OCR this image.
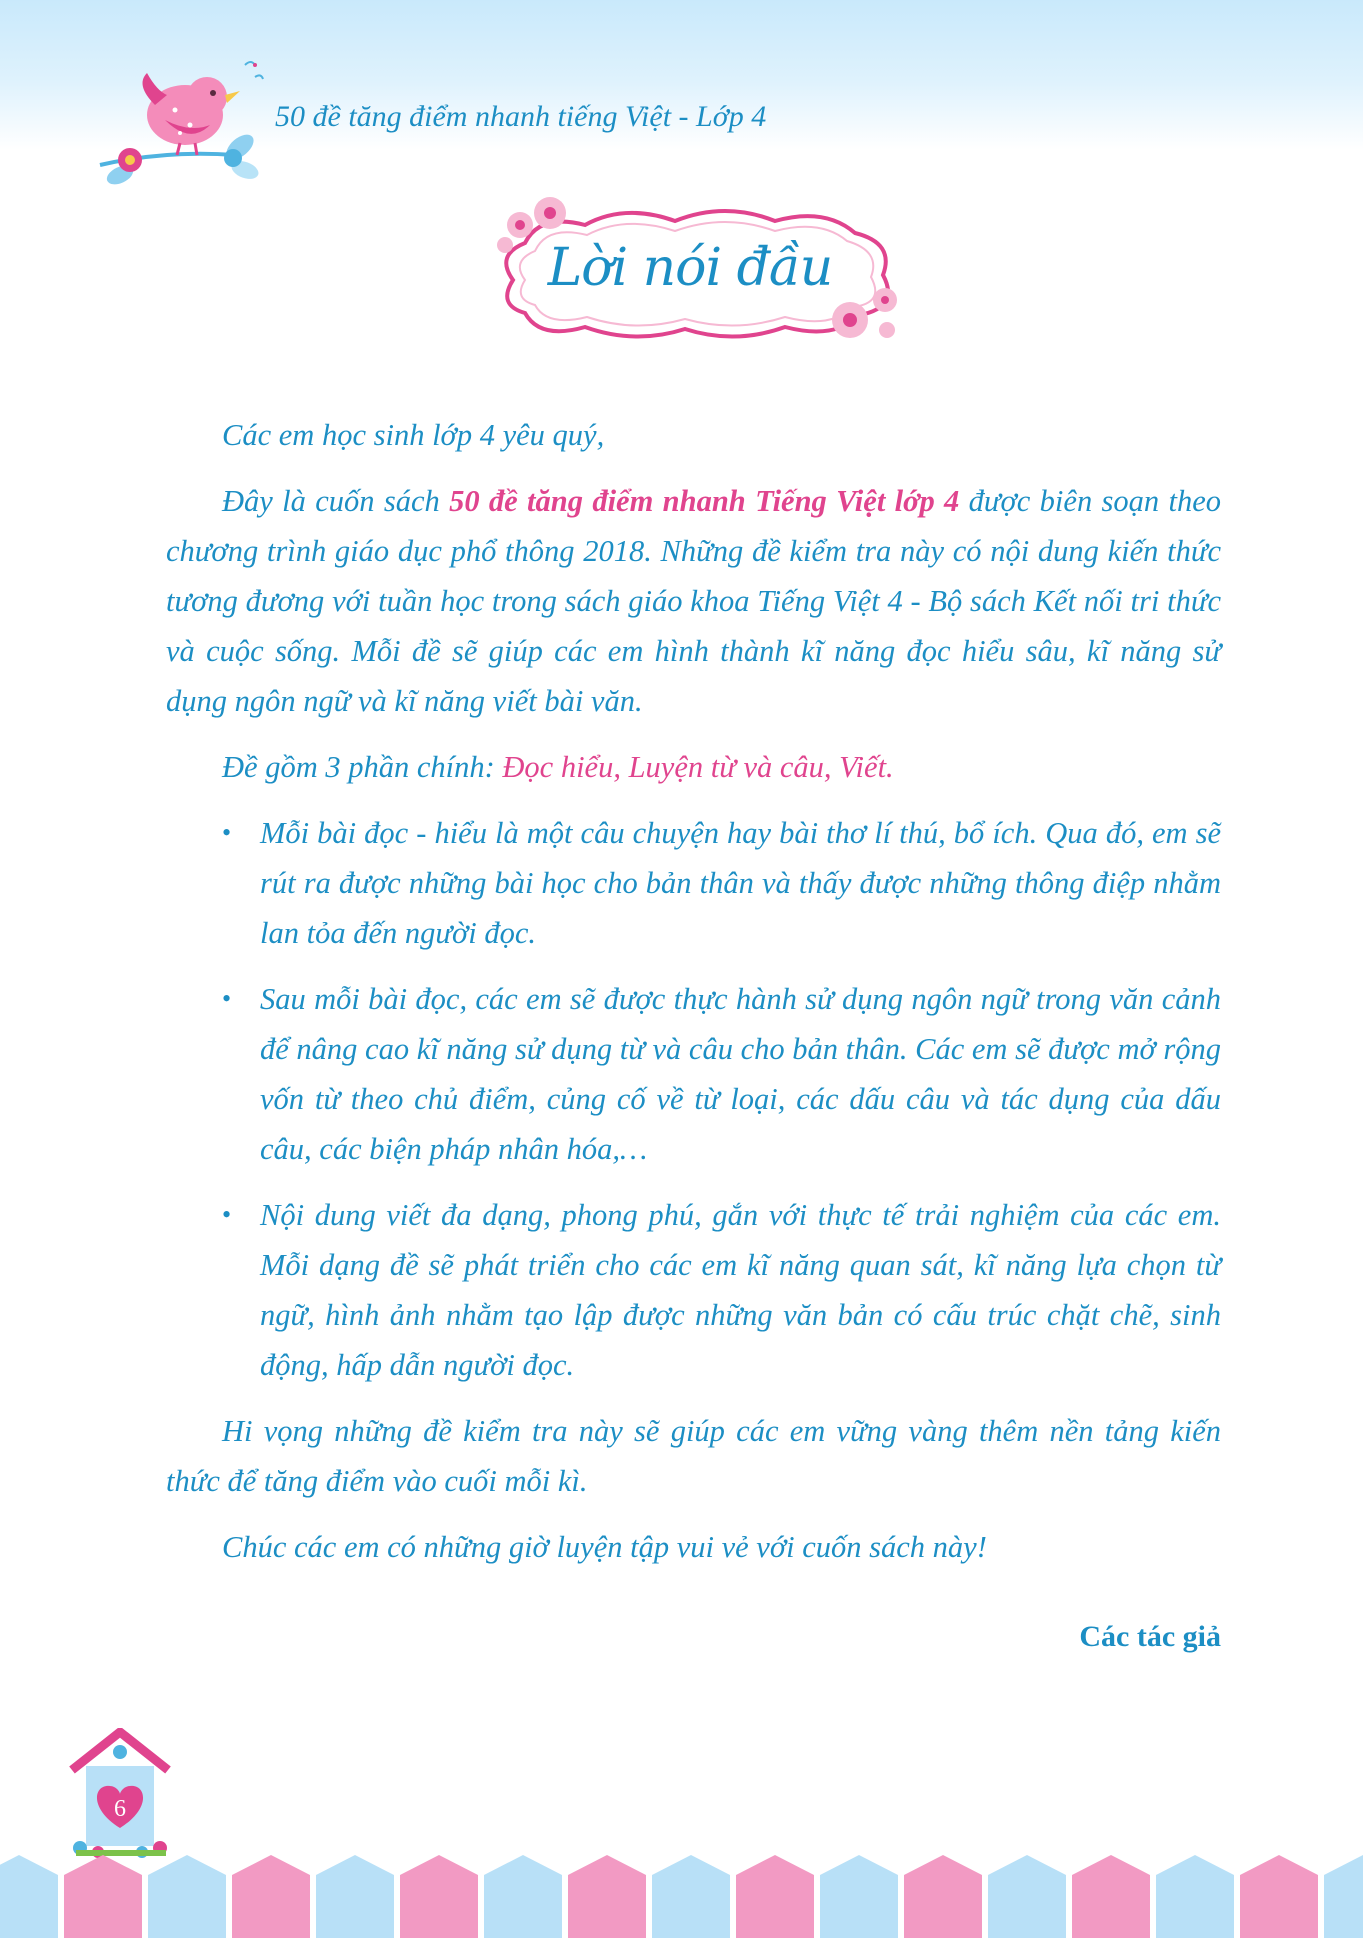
50 đề tăng điểm nhanh tiếng Việt - Lớp 4
Lời nói đầu

Các em học sinh lớp 4 yêu quý,

Đây là cuốn sách 50 đề tăng điểm nhanh Tiếng Việt lớp 4 được biên soạn theo chương trình giáo dục phổ thông 2018. Những đề kiểm tra này có nội dung kiến thức tương đương với tuần học trong sách giáo khoa Tiếng Việt 4 - Bộ sách Kết nối tri thức và cuộc sống. Mỗi đề sẽ giúp các em hình thành kĩ năng đọc hiểu sâu, kĩ năng sử dụng ngôn ngữ và kĩ năng viết bài văn.

Đề gồm 3 phần chính: Đọc hiểu, Luyện từ và câu, Viết.

• Mỗi bài đọc - hiểu là một câu chuyện hay bài thơ lí thú, bổ ích. Qua đó, em sẽ rút ra được những bài học cho bản thân và thấy được những thông điệp nhằm lan tỏa đến người đọc.
• Sau mỗi bài đọc, các em sẽ được thực hành sử dụng ngôn ngữ trong văn cảnh để nâng cao kĩ năng sử dụng từ và câu cho bản thân. Các em sẽ được mở rộng vốn từ theo chủ điểm, củng cố về từ loại, các dấu câu và tác dụng của dấu câu, các biện pháp nhân hóa,…
• Nội dung viết đa dạng, phong phú, gắn với thực tế trải nghiệm của các em. Mỗi dạng đề sẽ phát triển cho các em kĩ năng quan sát, kĩ năng lựa chọn từ ngữ, hình ảnh nhằm tạo lập được những văn bản có cấu trúc chặt chẽ, sinh động, hấp dẫn người đọc.

Hi vọng những đề kiểm tra này sẽ giúp các em vững vàng thêm nền tảng kiến thức để tăng điểm vào cuối mỗi kì.

Chúc các em có những giờ luyện tập vui vẻ với cuốn sách này!

Các tác giả
6
